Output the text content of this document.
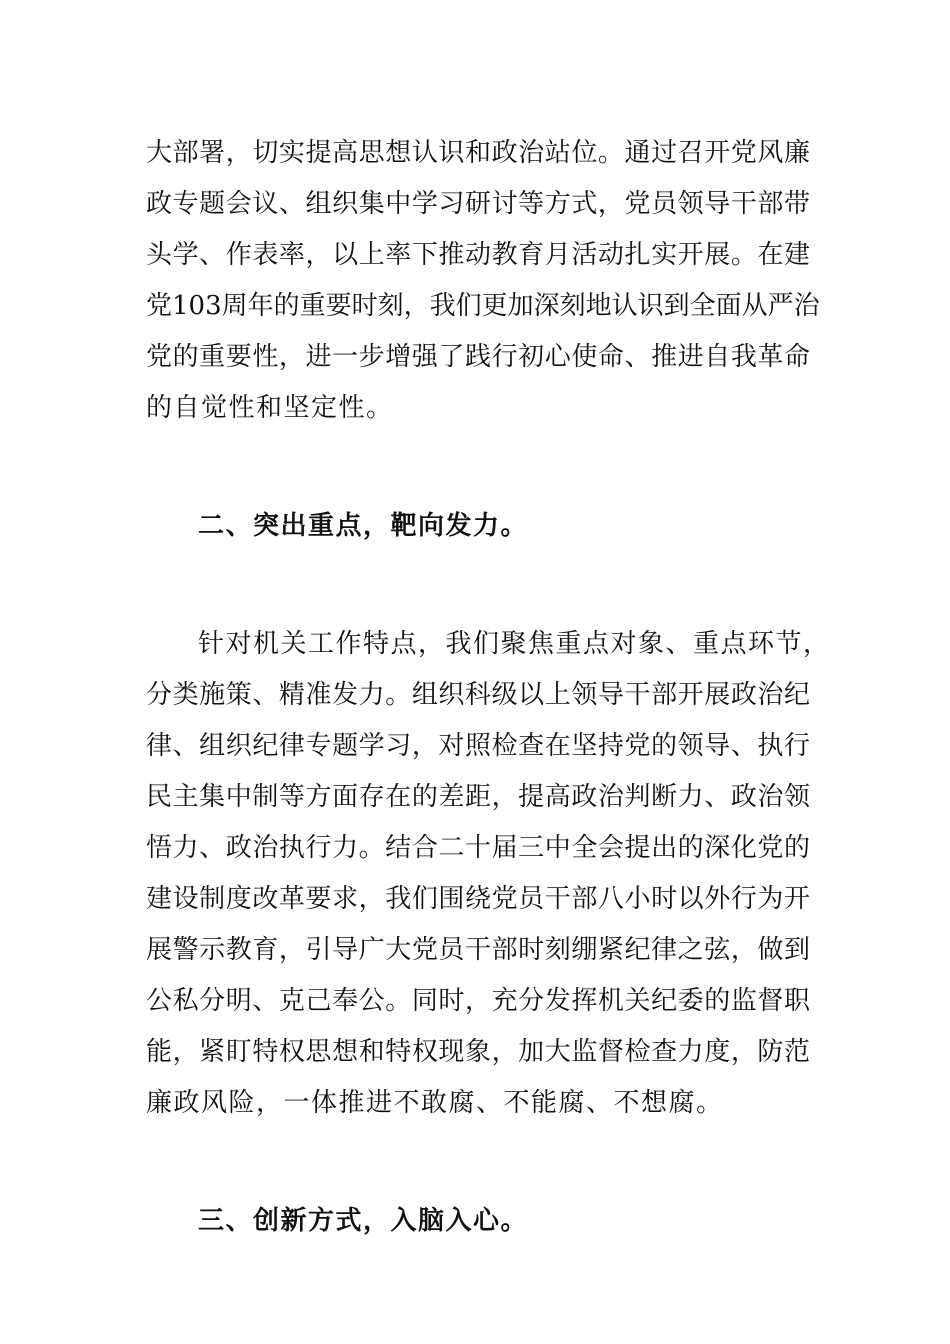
大部署，切实提高思想认识和政治站位。通过召开党风廉
政专题会议、组织集中学习研讨等方式，党员领导干部带
头学、作表率，以上率下推动教育月活动扎实开展。在建
党103周年的重要时刻，我们更加深刻地认识到全面从严治
党的重要性，进一步增强了践行初心使命、推进自我革命
的自觉性和坚定性。
二、突出重点，靶向发力。
针对机关工作特点，我们聚焦重点对象、重点环节，
分类施策、精准发力。组织科级以上领导干部开展政治纪
律、组织纪律专题学习，对照检查在坚持党的领导、执行
民主集中制等方面存在的差距，提高政治判断力、政治领
悟力、政治执行力。结合二十届三中全会提出的深化党的
建设制度改革要求，我们围绕党员干部八小时以外行为开
展警示教育，引导广大党员干部时刻绷紧纪律之弦，做到
公私分明、克己奉公。同时，充分发挥机关纪委的监督职
能，紧盯特权思想和特权现象，加大监督检查力度，防范
廉政风险，一体推进不敢腐、不能腐、不想腐。
三、创新方式，入脑入心。
